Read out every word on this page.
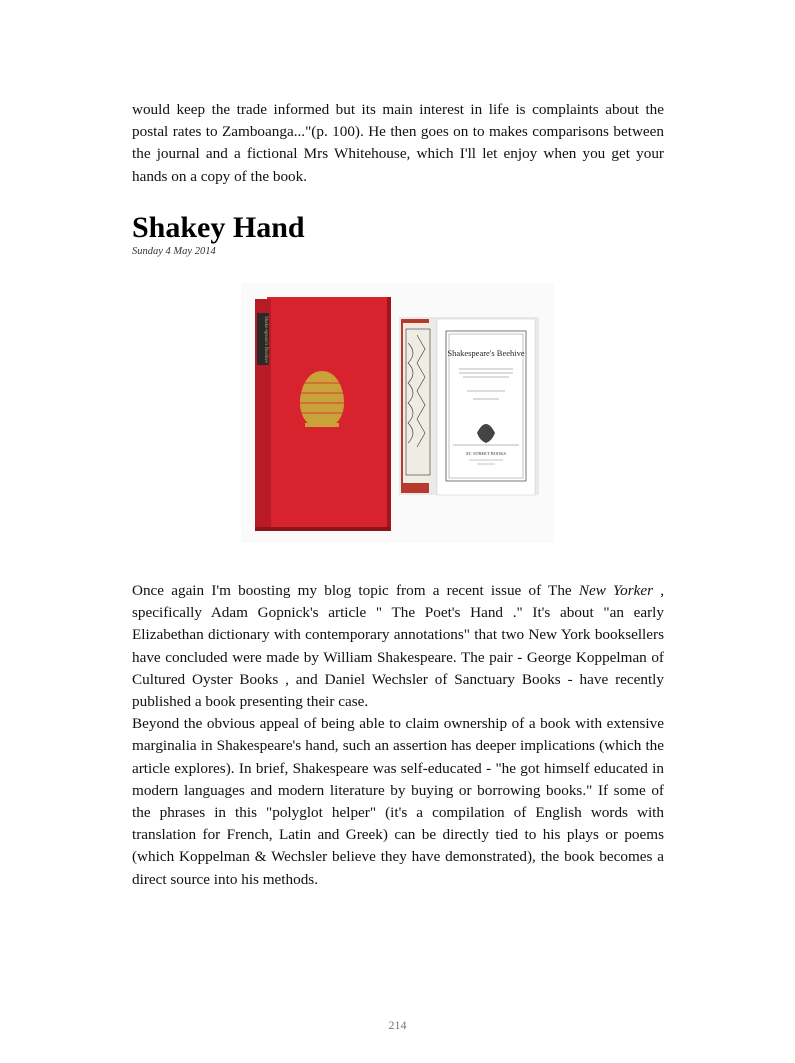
would keep the trade informed but its main interest in life is complaints about the postal rates to Zamboanga..."(p. 100). He then goes on to makes comparisons between the journal and a fictional Mrs Whitehouse, which I'll let enjoy when you get your hands on a copy of the book.

Shakey Hand
Sunday 4 May 2014
Shakespeare's Beehive
ST. STREET BOOKS
Shake-speare's Beehive

Once again I'm boosting my blog topic from a recent issue of The New Yorker , specifically Adam Gopnick's article " The Poet's Hand ." It's about "an early Elizabethan dictionary with contemporary annotations" that two New York booksellers have concluded were made by William Shakespeare. The pair - George Koppelman of Cultured Oyster Books , and Daniel Wechsler of Sanctuary Books - have recently published a book presenting their case.

Beyond the obvious appeal of being able to claim ownership of a book with extensive marginalia in Shakespeare's hand, such an assertion has deeper implications (which the article explores). In brief, Shakespeare was self-educated - "he got himself educated in modern languages and modern literature by buying or borrowing books." If some of the phrases in this "polyglot helper" (it's a compilation of English words with translation for French, Latin and Greek) can be directly tied to his plays or poems (which Koppelman & Wechsler believe they have demonstrated), the book becomes a direct source into his methods.

214
